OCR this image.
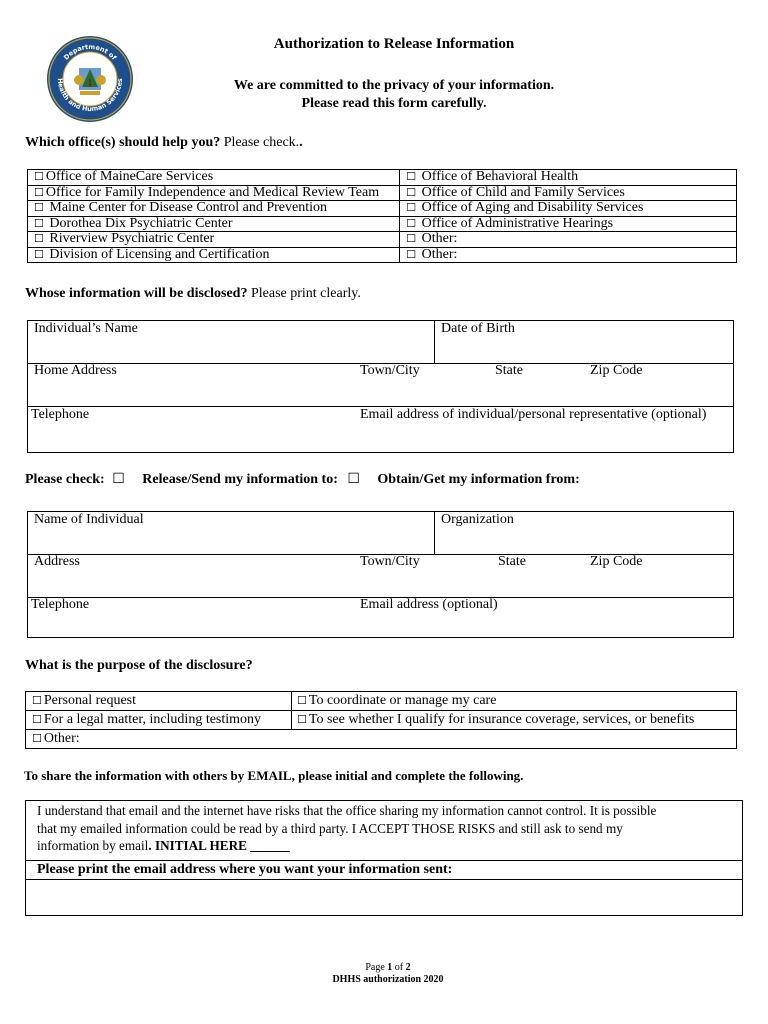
Department of
Health and Human Services
Authorization to Release Information
We are committed to the privacy of your information.
Please read this form carefully.
Which office(s) should help you? Please check..
☐ Office of MaineCare Services	☐ Office of Behavioral Health
☐ Office for Family Independence and Medical Review Team	☐ Office of Child and Family Services
☐ Maine Center for Disease Control and Prevention	☐ Office of Aging and Disability Services
☐ Dorothea Dix Psychiatric Center	☐ Office of Administrative Hearings
☐ Riverview Psychiatric Center	☐ Other:
☐ Division of Licensing and Certification	☐ Other:
Whose information will be disclosed? Please print clearly.
Individual’s Name	Date of Birth
Home Address	Town/City	State	Zip Code
Telephone	Email address of individual/personal representative (optional)
Please check: ☐ Release/Send my information to: ☐ Obtain/Get my information from:
Name of Individual	Organization
Address	Town/City	State	Zip Code
Telephone	Email address (optional)
What is the purpose of the disclosure?
☐ Personal request	☐ To coordinate or manage my care
☐ For a legal matter, including testimony	☐ To see whether I qualify for insurance coverage, services, or benefits
☐ Other:
To share the information with others by EMAIL, please initial and complete the following.
I understand that email and the internet have risks that the office sharing my information cannot control. It is possible
that my emailed information could be read by a third party. I ACCEPT THOSE RISKS and still ask to send my
information by email. INITIAL HERE ______
Please print the email address where you want your information sent:
Page 1 of 2
DHHS authorization 2020
